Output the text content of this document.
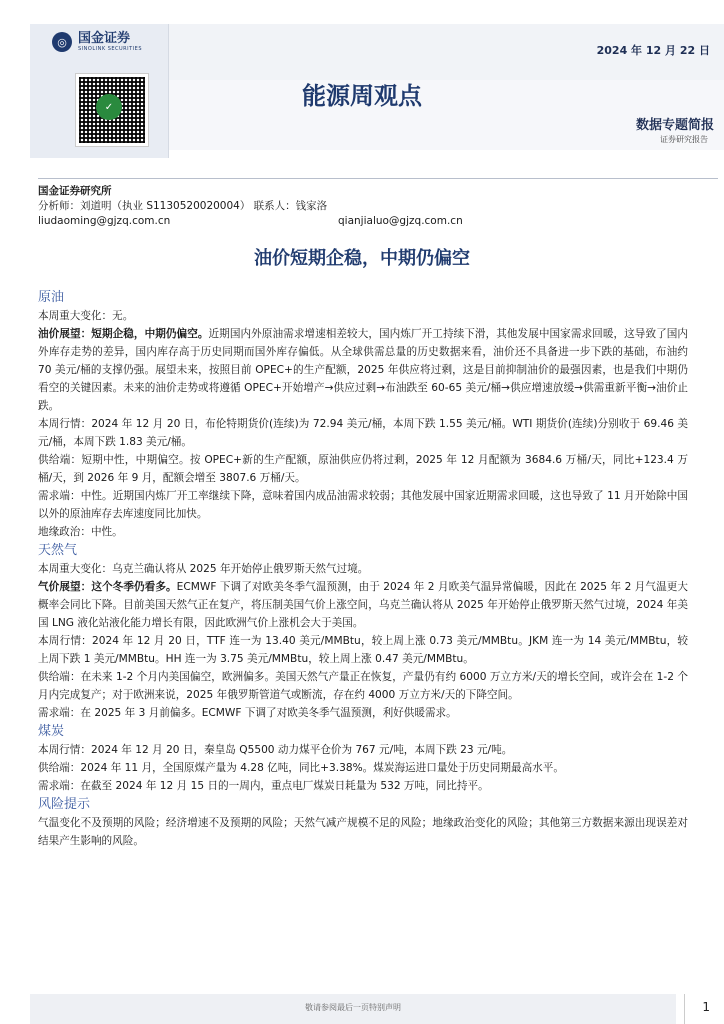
◎ 国金证券
SINOLINK SECURITIES
✓
2024 年 12 月 22 日
能源周观点
数据专题简报
证券研究报告
国金证券研究所
分析师：刘道明（执业 S1130520020004） 联系人：钱家洛
liudaoming@gjzq.com.cn	qianjialuo@gjzq.com.cn
油价短期企稳，中期仍偏空
原油
本周重大变化：无。
油价展望：短期企稳，中期仍偏空。近期国内外原油需求增速相差较大，国内炼厂开工持续下滑，其他发展中国家需求回暖，这导致了国内外库存走势的差异，国内库存高于历史同期而国外库存偏低。从全球供需总量的历史数据来看，油价还不具备进一步下跌的基础，布油约 70 美元/桶的支撑仍强。展望未来，按照目前 OPEC+的生产配额，2025 年供应将过剩，这是目前抑制油价的最强因素，也是我们中期仍看空的关键因素。未来的油价走势或将遵循 OPEC+开始增产→供应过剩→布油跌至 60-65 美元/桶→供应增速放缓→供需重新平衡→油价止跌。
本周行情：2024 年 12 月 20 日，布伦特期货价(连续)为 72.94 美元/桶，本周下跌 1.55 美元/桶。WTI 期货价(连续)分别收于 69.46 美元/桶，本周下跌 1.83 美元/桶。
供给端：短期中性，中期偏空。按 OPEC+新的生产配额，原油供应仍将过剩，2025 年 12 月配额为 3684.6 万桶/天，同比+123.4 万桶/天，到 2026 年 9 月，配额会增至 3807.6 万桶/天。
需求端：中性。近期国内炼厂开工率继续下降，意味着国内成品油需求较弱；其他发展中国家近期需求回暖，这也导致了 11 月开始除中国以外的原油库存去库速度同比加快。
地缘政治：中性。
天然气
本周重大变化：乌克兰确认将从 2025 年开始停止俄罗斯天然气过境。
气价展望：这个冬季仍看多。ECMWF 下调了对欧美冬季气温预测，由于 2024 年 2 月欧美气温异常偏暖，因此在 2025 年 2 月气温更大概率会同比下降。目前美国天然气正在复产，将压制美国气价上涨空间，乌克兰确认将从 2025 年开始停止俄罗斯天然气过境，2024 年美国 LNG 液化站液化能力增长有限，因此欧洲气价上涨机会大于美国。
本周行情：2024 年 12 月 20 日，TTF 连一为 13.40 美元/MMBtu，较上周上涨 0.73 美元/MMBtu。JKM 连一为 14 美元/MMBtu，较上周下跌 1 美元/MMBtu。HH 连一为 3.75 美元/MMBtu，较上周上涨 0.47 美元/MMBtu。
供给端：在未来 1-2 个月内美国偏空，欧洲偏多。美国天然气产量正在恢复，产量仍有约 6000 万立方米/天的增长空间，或许会在 1-2 个月内完成复产；对于欧洲来说，2025 年俄罗斯管道气或断流，存在约 4000 万立方米/天的下降空间。
需求端：在 2025 年 3 月前偏多。ECMWF 下调了对欧美冬季气温预测，利好供暖需求。
煤炭
本周行情：2024 年 12 月 20 日，秦皇岛 Q5500 动力煤平仓价为 767 元/吨，本周下跌 23 元/吨。
供给端：2024 年 11 月，全国原煤产量为 4.28 亿吨，同比+3.38%。煤炭海运进口量处于历史同期最高水平。
需求端：在截至 2024 年 12 月 15 日的一周内，重点电厂煤炭日耗量为 532 万吨，同比持平。
风险提示
气温变化不及预期的风险；经济增速不及预期的风险；天然气减产规模不足的风险；地缘政治变化的风险；其他第三方数据来源出现误差对结果产生影响的风险。
敬请参阅最后一页特别声明	1
